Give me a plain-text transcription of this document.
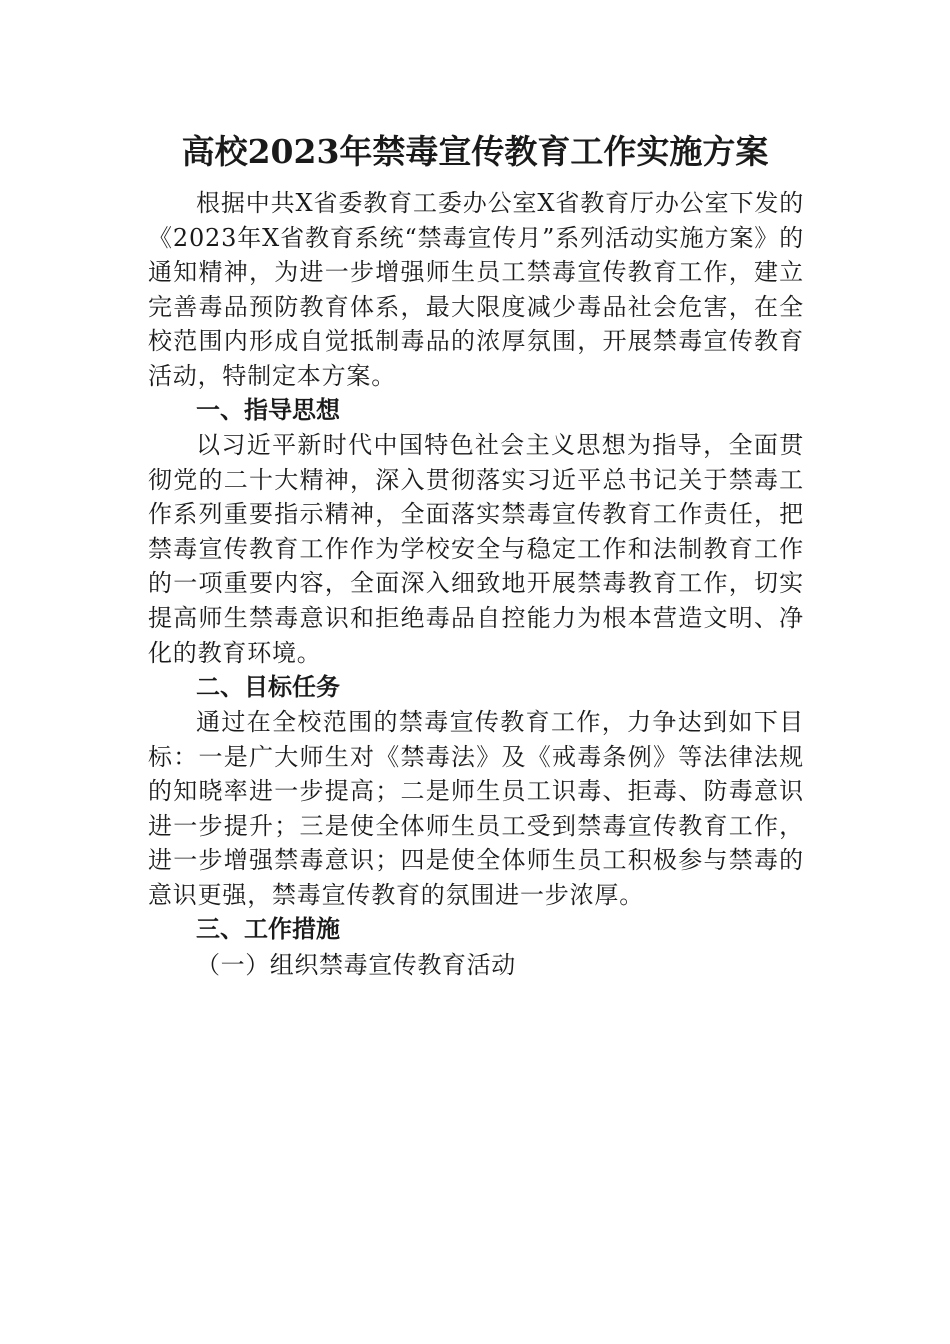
高校2023年禁毒宣传教育工作实施方案
根据中共X省委教育工委办公室X省教育厅办公室下发的《2023年X省教育系统“禁毒宣传月”系列活动实施方案》的通知精神，为进一步增强师生员工禁毒宣传教育工作，建立完善毒品预防教育体系，最大限度减少毒品社会危害，在全校范围内形成自觉抵制毒品的浓厚氛围，开展禁毒宣传教育活动，特制定本方案。
一、指导思想
以习近平新时代中国特色社会主义思想为指导，全面贯彻党的二十大精神，深入贯彻落实习近平总书记关于禁毒工作系列重要指示精神，全面落实禁毒宣传教育工作责任，把禁毒宣传教育工作作为学校安全与稳定工作和法制教育工作的一项重要内容，全面深入细致地开展禁毒教育工作，切实提高师生禁毒意识和拒绝毒品自控能力为根本营造文明、净化的教育环境。
二、目标任务
通过在全校范围的禁毒宣传教育工作，力争达到如下目标：一是广大师生对《禁毒法》及《戒毒条例》等法律法规的知晓率进一步提高；二是师生员工识毒、拒毒、防毒意识进一步提升；三是使全体师生员工受到禁毒宣传教育工作，进一步增强禁毒意识；四是使全体师生员工积极参与禁毒的意识更强，禁毒宣传教育的氛围进一步浓厚。
三、工作措施
（一）组织禁毒宣传教育活动
